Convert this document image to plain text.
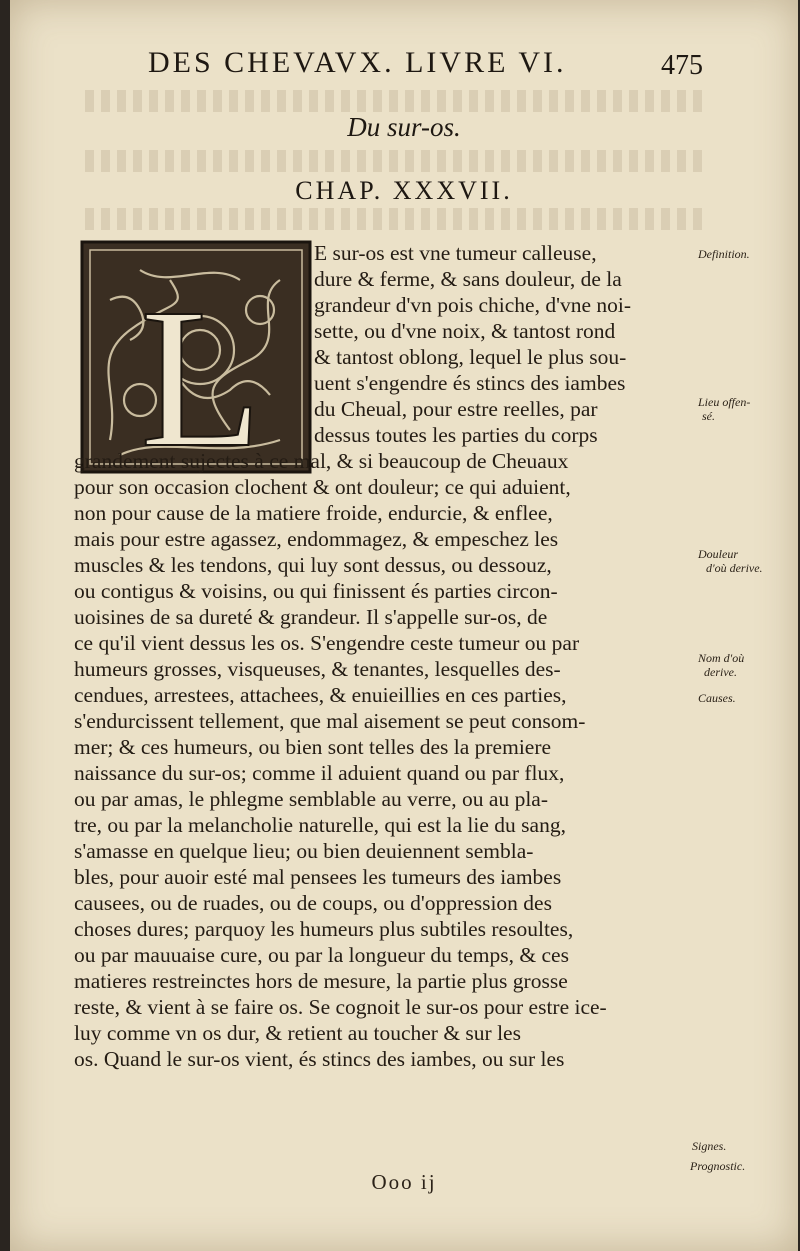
DES CHEVAVX. LIVRE VI.	475
Du sur-os.
CHAP. XXXVII.
L
E sur-os est vne tumeur calleuse,
dure & ferme, & sans douleur, de la
grandeur d'vn pois chiche, d'vne noi-
sette, ou d'vne noix, & tantost rond
& tantost oblong, lequel le plus sou-
uent s'engendre és stincs des iambes
du Cheual, pour estre reelles, par
dessus toutes les parties du corps
grandement sujectes à ce mal, & si beaucoup de Cheuaux
pour son occasion clochent & ont douleur; ce qui aduient,
non pour cause de la matiere froide, endurcie, & enflee,
mais pour estre agassez, endommagez, & empeschez les
muscles & les tendons, qui luy sont dessus, ou dessouz,
ou contigus & voisins, ou qui finissent és parties circon-
uoisines de sa dureté & grandeur. Il s'appelle sur-os, de
ce qu'il vient dessus les os. S'engendre ceste tumeur ou par
humeurs grosses, visqueuses, & tenantes, lesquelles des-
cendues, arrestees, attachees, & enuieillies en ces parties,
s'endurcissent tellement, que mal aisement se peut consom-
mer; & ces humeurs, ou bien sont telles des la premiere
naissance du sur-os; comme il aduient quand ou par flux,
ou par amas, le phlegme semblable au verre, ou au pla-
tre, ou par la melancholie naturelle, qui est la lie du sang,
s'amasse en quelque lieu; ou bien deuiennent sembla-
bles, pour auoir esté mal pensees les tumeurs des iambes
causees, ou de ruades, ou de coups, ou d'oppression des
choses dures; parquoy les humeurs plus subtiles resoultes,
ou par mauuaise cure, ou par la longueur du temps, & ces
matieres restreinctes hors de mesure, la partie plus grosse
reste, & vient à se faire os. Se cognoit le sur-os pour estre ice-
luy comme vn os dur, & retient au toucher & sur les
os. Quand le sur-os vient, és stincs des iambes, ou sur les
Definition.
Lieu offen-
sé.
Douleur
d'où derive.
Nom d'où
derive.
Causes.
Signes.
Prognostic.
Ooo ij
